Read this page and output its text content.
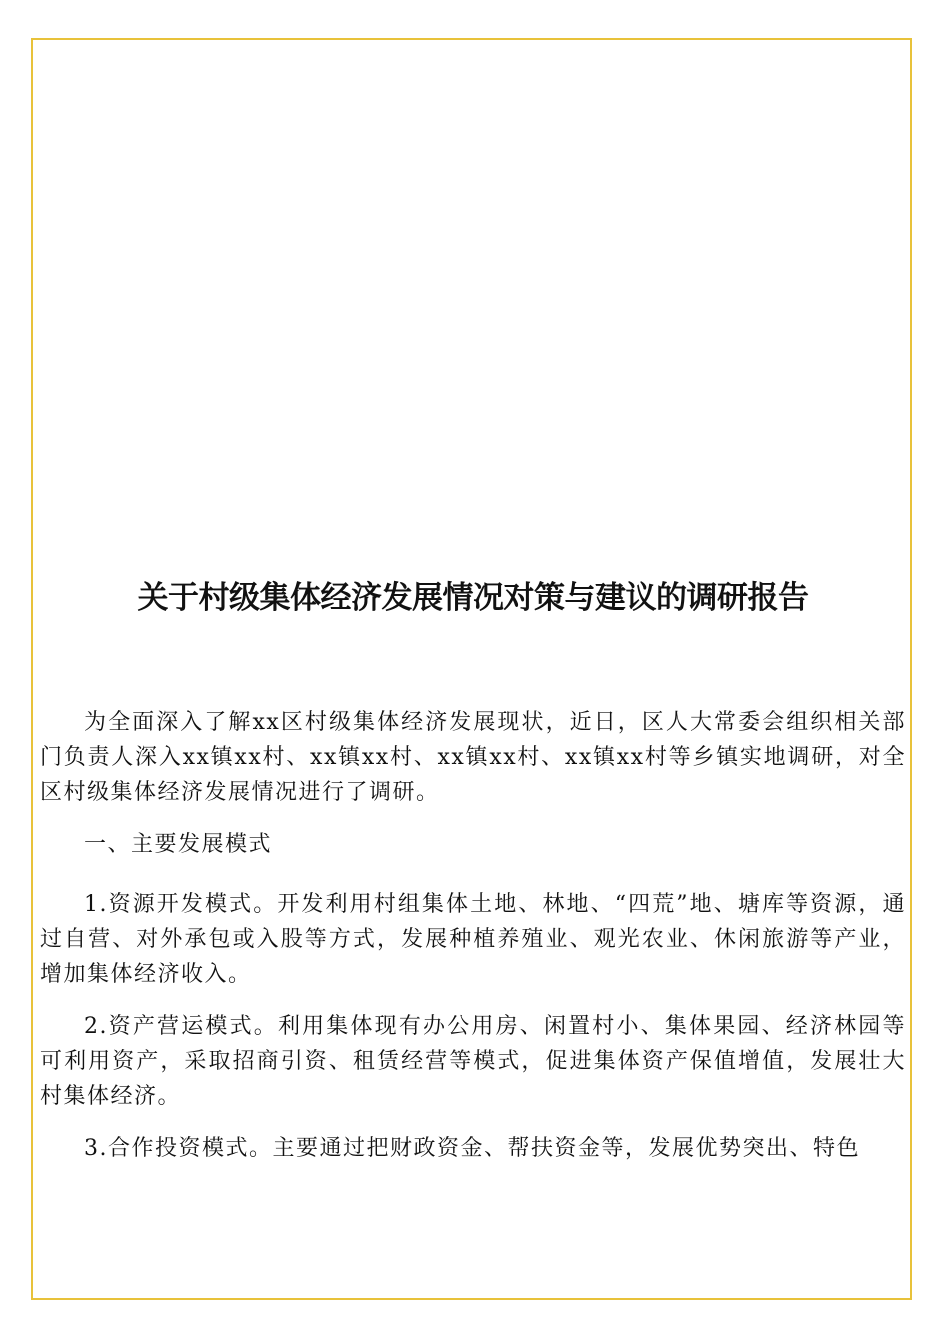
关于村级集体经济发展情况对策与建议的调研报告

为全面深入了解xx区村级集体经济发展现状，近日，区人大常委会组织相关部门负责人深入xx镇xx村、xx镇xx村、xx镇xx村、xx镇xx村等乡镇实地调研，对全区村级集体经济发展情况进行了调研。

一、主要发展模式

1.资源开发模式。开发利用村组集体土地、林地、“四荒”地、塘库等资源，通过自营、对外承包或入股等方式，发展种植养殖业、观光农业、休闲旅游等产业，增加集体经济收入。

2.资产营运模式。利用集体现有办公用房、闲置村小、集体果园、经济林园等可利用资产，采取招商引资、租赁经营等模式，促进集体资产保值增值，发展壮大村集体经济。

3.合作投资模式。主要通过把财政资金、帮扶资金等，发展优势突出、特色
